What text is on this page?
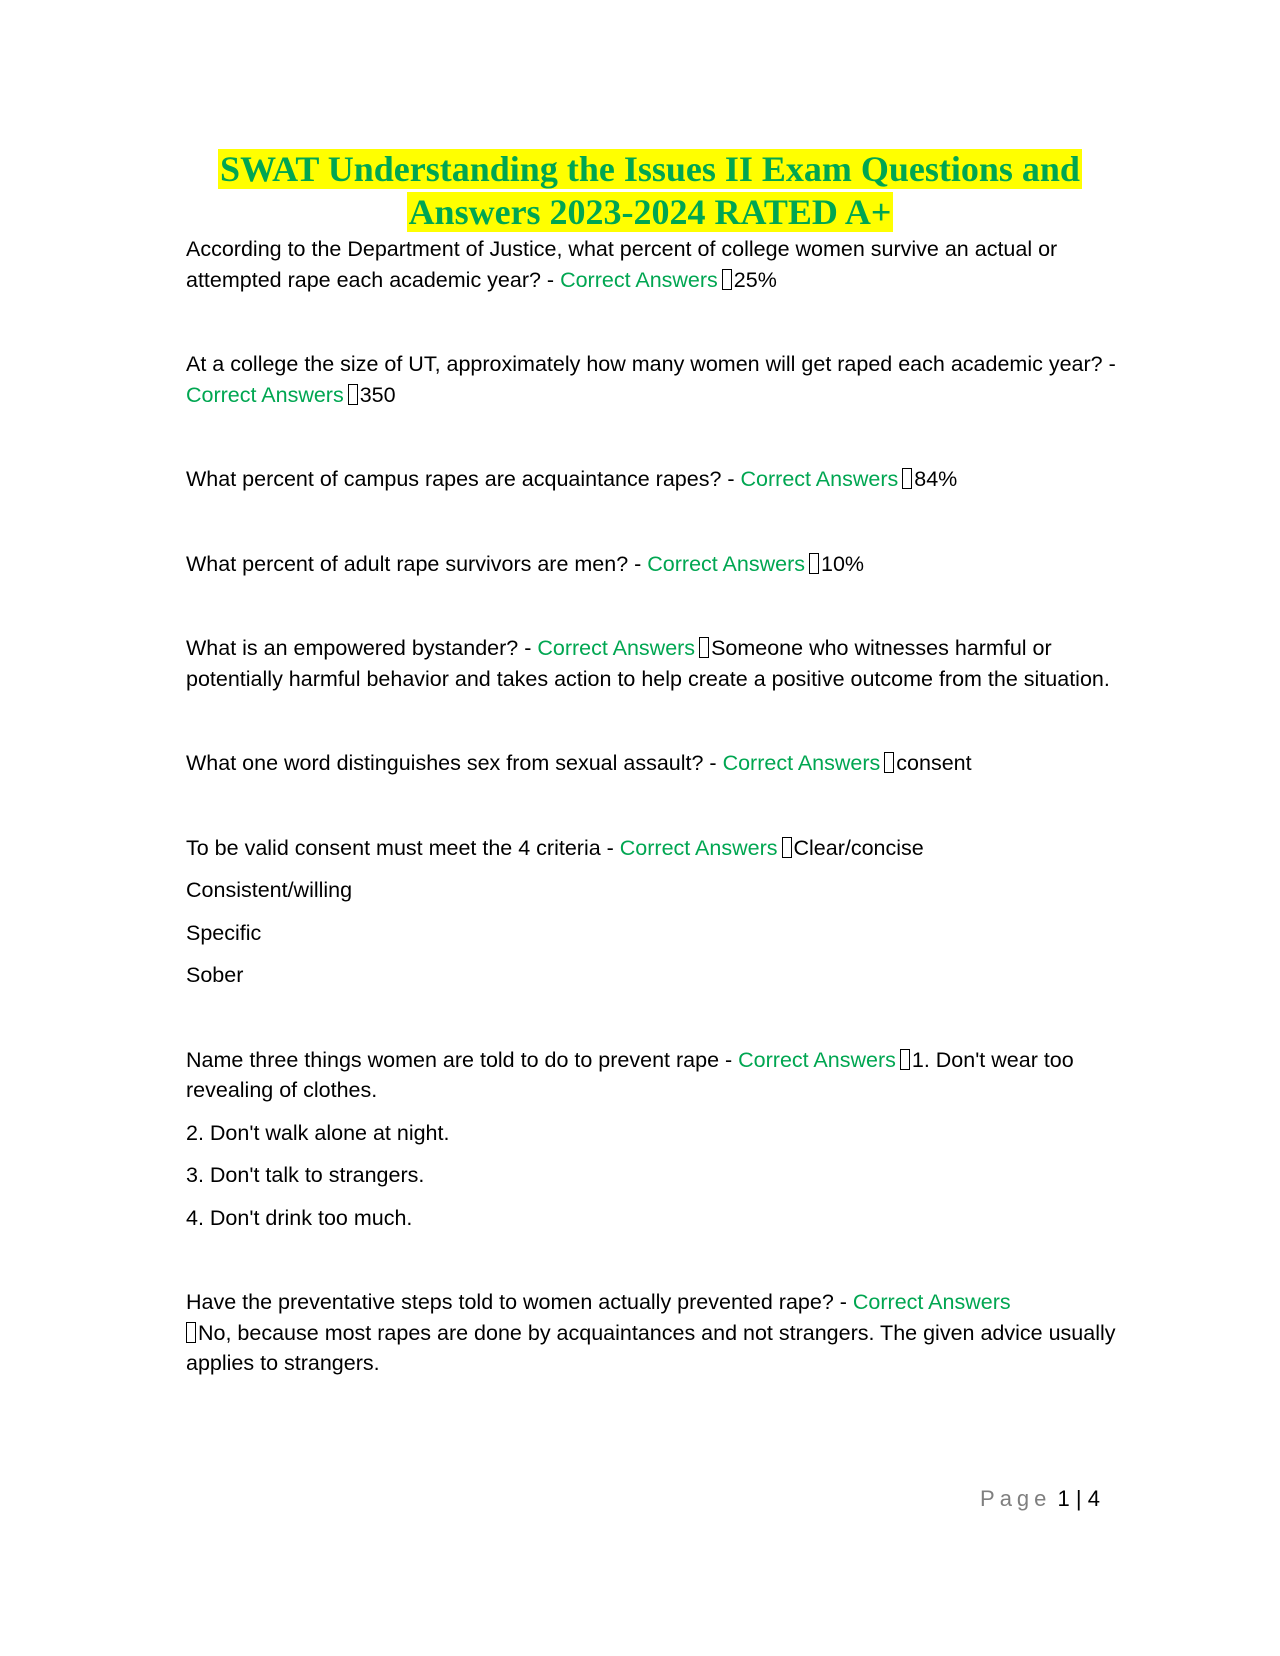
SWAT Understanding the Issues II Exam Questions and
Answers 2023-2024 RATED A+

According to the Department of Justice, what percent of college women survive an actual or attempted rape each academic year? - Correct Answers 25%

At a college the size of UT, approximately how many women will get raped each academic year? - Correct Answers 350

What percent of campus rapes are acquaintance rapes? - Correct Answers 84%

What percent of adult rape survivors are men? - Correct Answers 10%

What is an empowered bystander? - Correct Answers Someone who witnesses harmful or potentially harmful behavior and takes action to help create a positive outcome from the situation.

What one word distinguishes sex from sexual assault? - Correct Answers consent

To be valid consent must meet the 4 criteria - Correct Answers Clear/concise

Consistent/willing

Specific

Sober

Name three things women are told to do to prevent rape - Correct Answers 1. Don't wear too revealing of clothes.

2. Don't walk alone at night.

3. Don't talk to strangers.

4. Don't drink too much.

Have the preventative steps told to women actually prevented rape? - Correct Answers
No, because most rapes are done by acquaintances and not strangers. The given advice usually applies to strangers.

Page 1 | 4
